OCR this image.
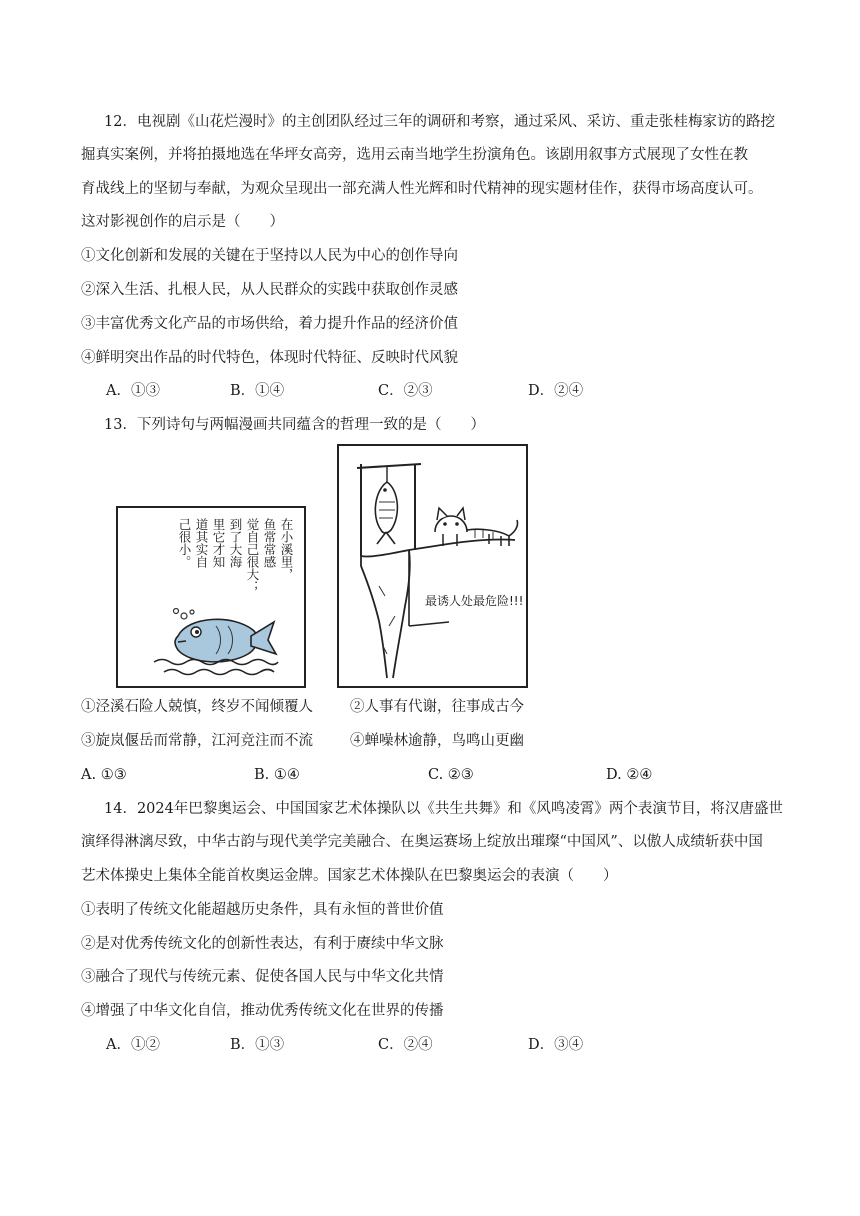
12．电视剧《山花烂漫时》的主创团队经过三年的调研和考察，通过采风、采访、重走张桂梅家访的路挖
掘真实案例，并将拍摄地选在华坪女高旁，选用云南当地学生扮演角色。该剧用叙事方式展现了女性在教
育战线上的坚韧与奉献，为观众呈现出一部充满人性光辉和时代精神的现实题材佳作，获得市场高度认可。
这对影视创作的启示是（　　）
①文化创新和发展的关键在于坚持以人民为中心的创作导向
②深入生活、扎根人民，从人民群众的实践中获取创作灵感
③丰富优秀文化产品的市场供给，着力提升作品的经济价值
④鲜明突出作品的时代特色，体现时代特征、反映时代风貌
A．①③	B．①④	C．②③	D．②④
13．下列诗句与两幅漫画共同蕴含的哲理一致的是（　　）
在小溪里，
鱼常常感
觉自己很大；
到了大海
里它才知
道其实自
己很小。
最诱人处最危险!!!
①泾溪石险人兢慎，终岁不闻倾覆人	②人事有代谢，往事成古今
③旋岚偃岳而常静，江河竞注而不流	④蝉噪林逾静，鸟鸣山更幽
A. ①③	B. ①④	C. ②③	D. ②④
14．2024年巴黎奥运会、中国国家艺术体操队以《共生共舞》和《风鸣凌霄》两个表演节目，将汉唐盛世
演绎得淋漓尽致，中华古韵与现代美学完美融合、在奥运赛场上绽放出璀璨“中国风”、以傲人成绩斩获中国
艺术体操史上集体全能首枚奥运金牌。国家艺术体操队在巴黎奥运会的表演（　　）
①表明了传统文化能超越历史条件，具有永恒的普世价值
②是对优秀传统文化的创新性表达，有利于赓续中华文脉
③融合了现代与传统元素、促使各国人民与中华文化共情
④增强了中华文化自信，推动优秀传统文化在世界的传播
A．①②	B．①③	C．②④	D．③④
